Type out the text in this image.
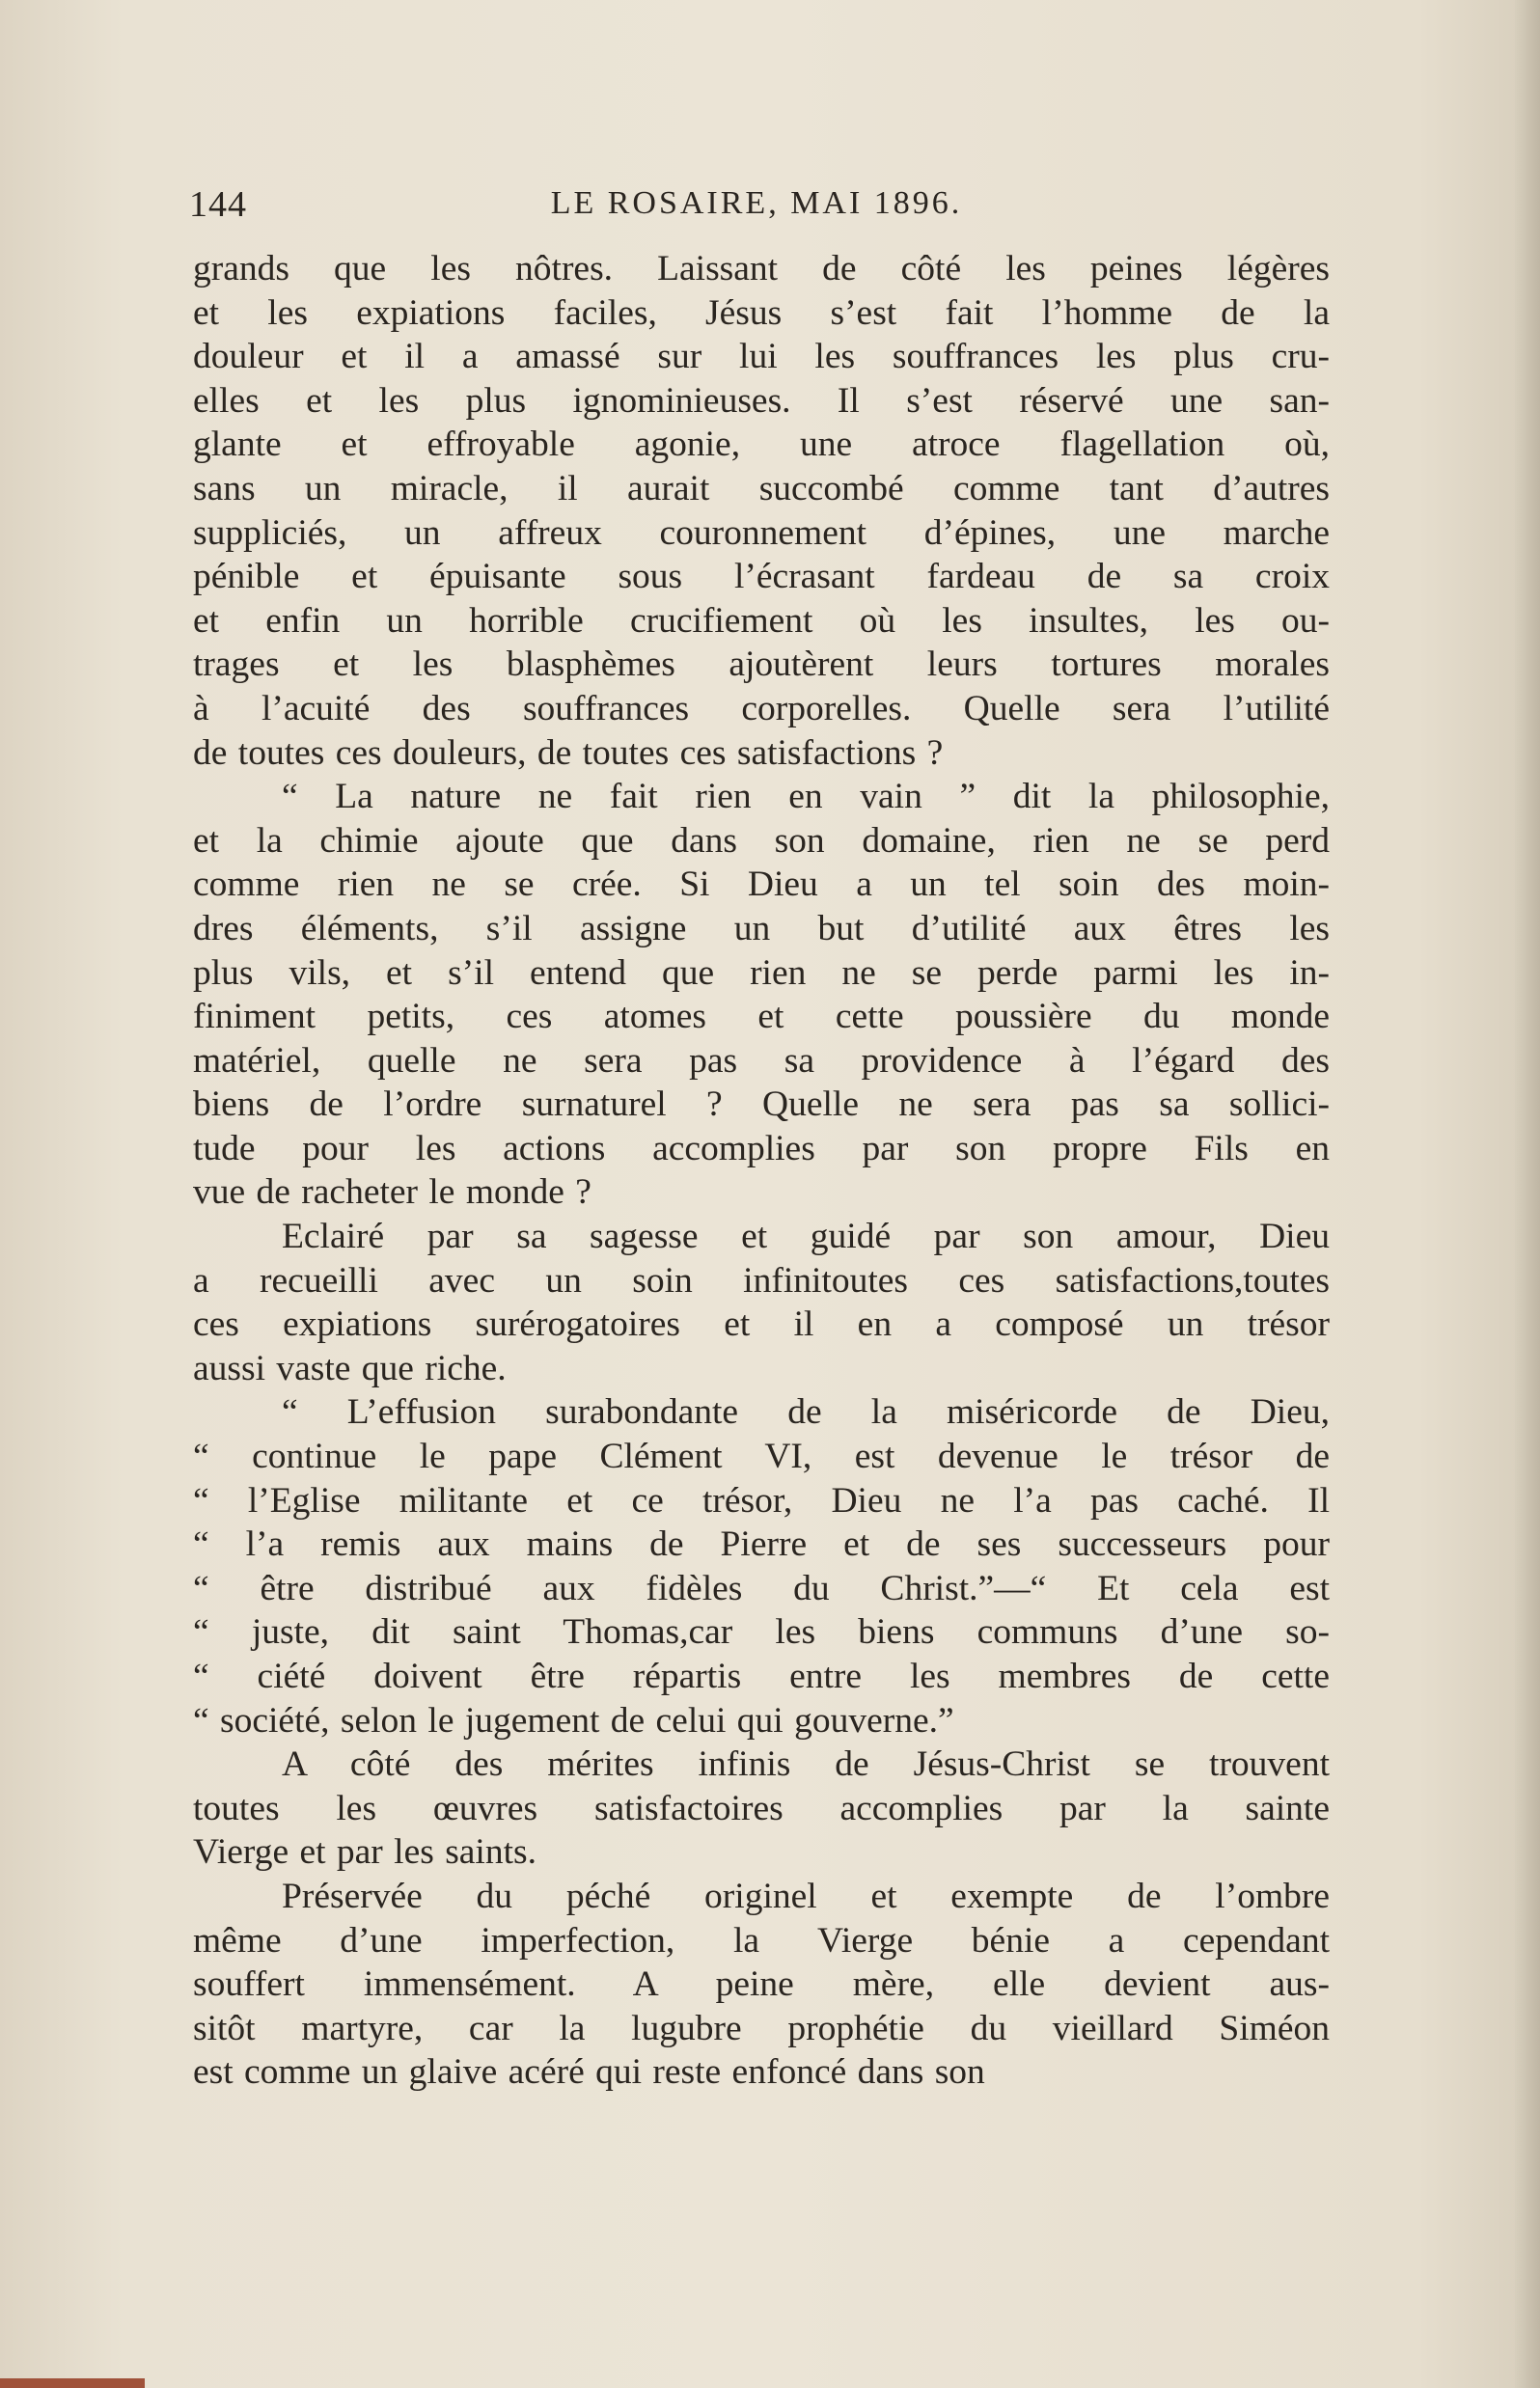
144	LE ROSAIRE, MAI 1896.
grands que les nôtres. Laissant de côté les peines légères
et les expiations faciles, Jésus s’est fait l’homme de la
douleur et il a amassé sur lui les souffrances les plus cru-
elles et les plus ignominieuses. Il s’est réservé une san-
glante et effroyable agonie, une atroce flagellation où,
sans un miracle, il aurait succombé comme tant d’autres
suppliciés, un affreux couronnement d’épines, une marche
pénible et épuisante sous l’écrasant fardeau de sa croix
et enfin un horrible crucifiement où les insultes, les ou-
trages et les blasphèmes ajoutèrent leurs tortures morales
à l’acuité des souffrances corporelles. Quelle sera l’utilité
de toutes ces douleurs, de toutes ces satisfactions ?
“ La nature ne fait rien en vain ” dit la philosophie,
et la chimie ajoute que dans son domaine, rien ne se perd
comme rien ne se crée. Si Dieu a un tel soin des moin-
dres éléments, s’il assigne un but d’utilité aux êtres les
plus vils, et s’il entend que rien ne se perde parmi les in-
finiment petits, ces atomes et cette poussière du monde
matériel, quelle ne sera pas sa providence à l’égard des
biens de l’ordre surnaturel ? Quelle ne sera pas sa sollici-
tude pour les actions accomplies par son propre Fils en
vue de racheter le monde ?
Eclairé par sa sagesse et guidé par son amour, Dieu
a recueilli avec un soin infinitoutes ces satisfactions,toutes
ces expiations surérogatoires et il en a composé un trésor
aussi vaste que riche.
“ L’effusion surabondante de la miséricorde de Dieu,
“ continue le pape Clément VI, est devenue le trésor de
“ l’Eglise militante et ce trésor, Dieu ne l’a pas caché. Il
“ l’a remis aux mains de Pierre et de ses successeurs pour
“ être distribué aux fidèles du Christ.”—“ Et cela est
“ juste, dit saint Thomas,car les biens communs d’une so-
“ ciété doivent être répartis entre les membres de cette
“ société, selon le jugement de celui qui gouverne.”
A côté des mérites infinis de Jésus-Christ se trouvent
toutes les œuvres satisfactoires accomplies par la sainte
Vierge et par les saints.
Préservée du péché originel et exempte de l’ombre
même d’une imperfection, la Vierge bénie a cependant
souffert immensément. A peine mère, elle devient aus-
sitôt martyre, car la lugubre prophétie du vieillard Siméon
est comme un glaive acéré qui reste enfoncé dans son
